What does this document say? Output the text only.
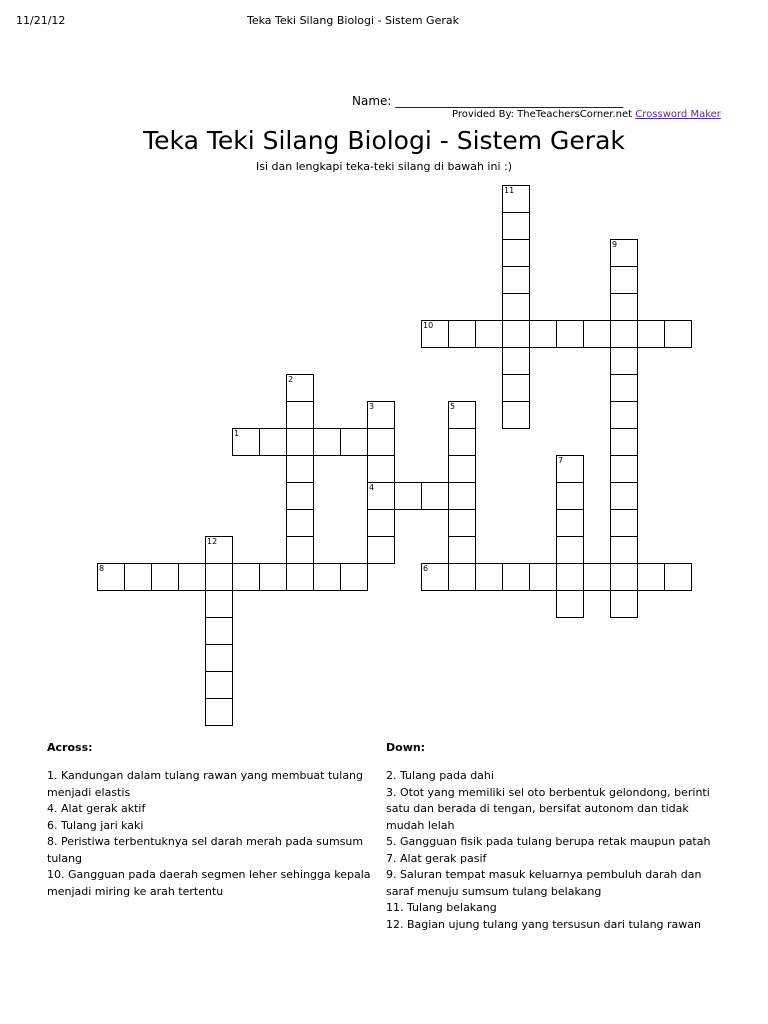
11/21/12	Teka Teki Silang Biologi - Sistem Gerak
Name: ______________________________________
Provided By: TheTeachersCorner.net Crossword Maker
Teka Teki Silang Biologi - Sistem Gerak
Isi dan lengkapi teka-teki silang di bawah ini :)
1
2
3
4
5
6
7
8
9
10
11
12
Across:	Down:
1. Kandungan dalam tulang rawan yang membuat tulang menjadi elastis
4. Alat gerak aktif
6. Tulang jari kaki
8. Peristiwa terbentuknya sel darah merah pada sumsum tulang
10. Gangguan pada daerah segmen leher sehingga kepala menjadi miring ke arah tertentu
2. Tulang pada dahi
3. Otot yang memiliki sel oto berbentuk gelondong, berinti satu dan berada di tengan, bersifat autonom dan tidak mudah lelah
5. Gangguan fisik pada tulang berupa retak maupun patah
7. Alat gerak pasif
9. Saluran tempat masuk keluarnya pembuluh darah dan saraf menuju sumsum tulang belakang
11. Tulang belakang
12. Bagian ujung tulang yang tersusun dari tulang rawan
